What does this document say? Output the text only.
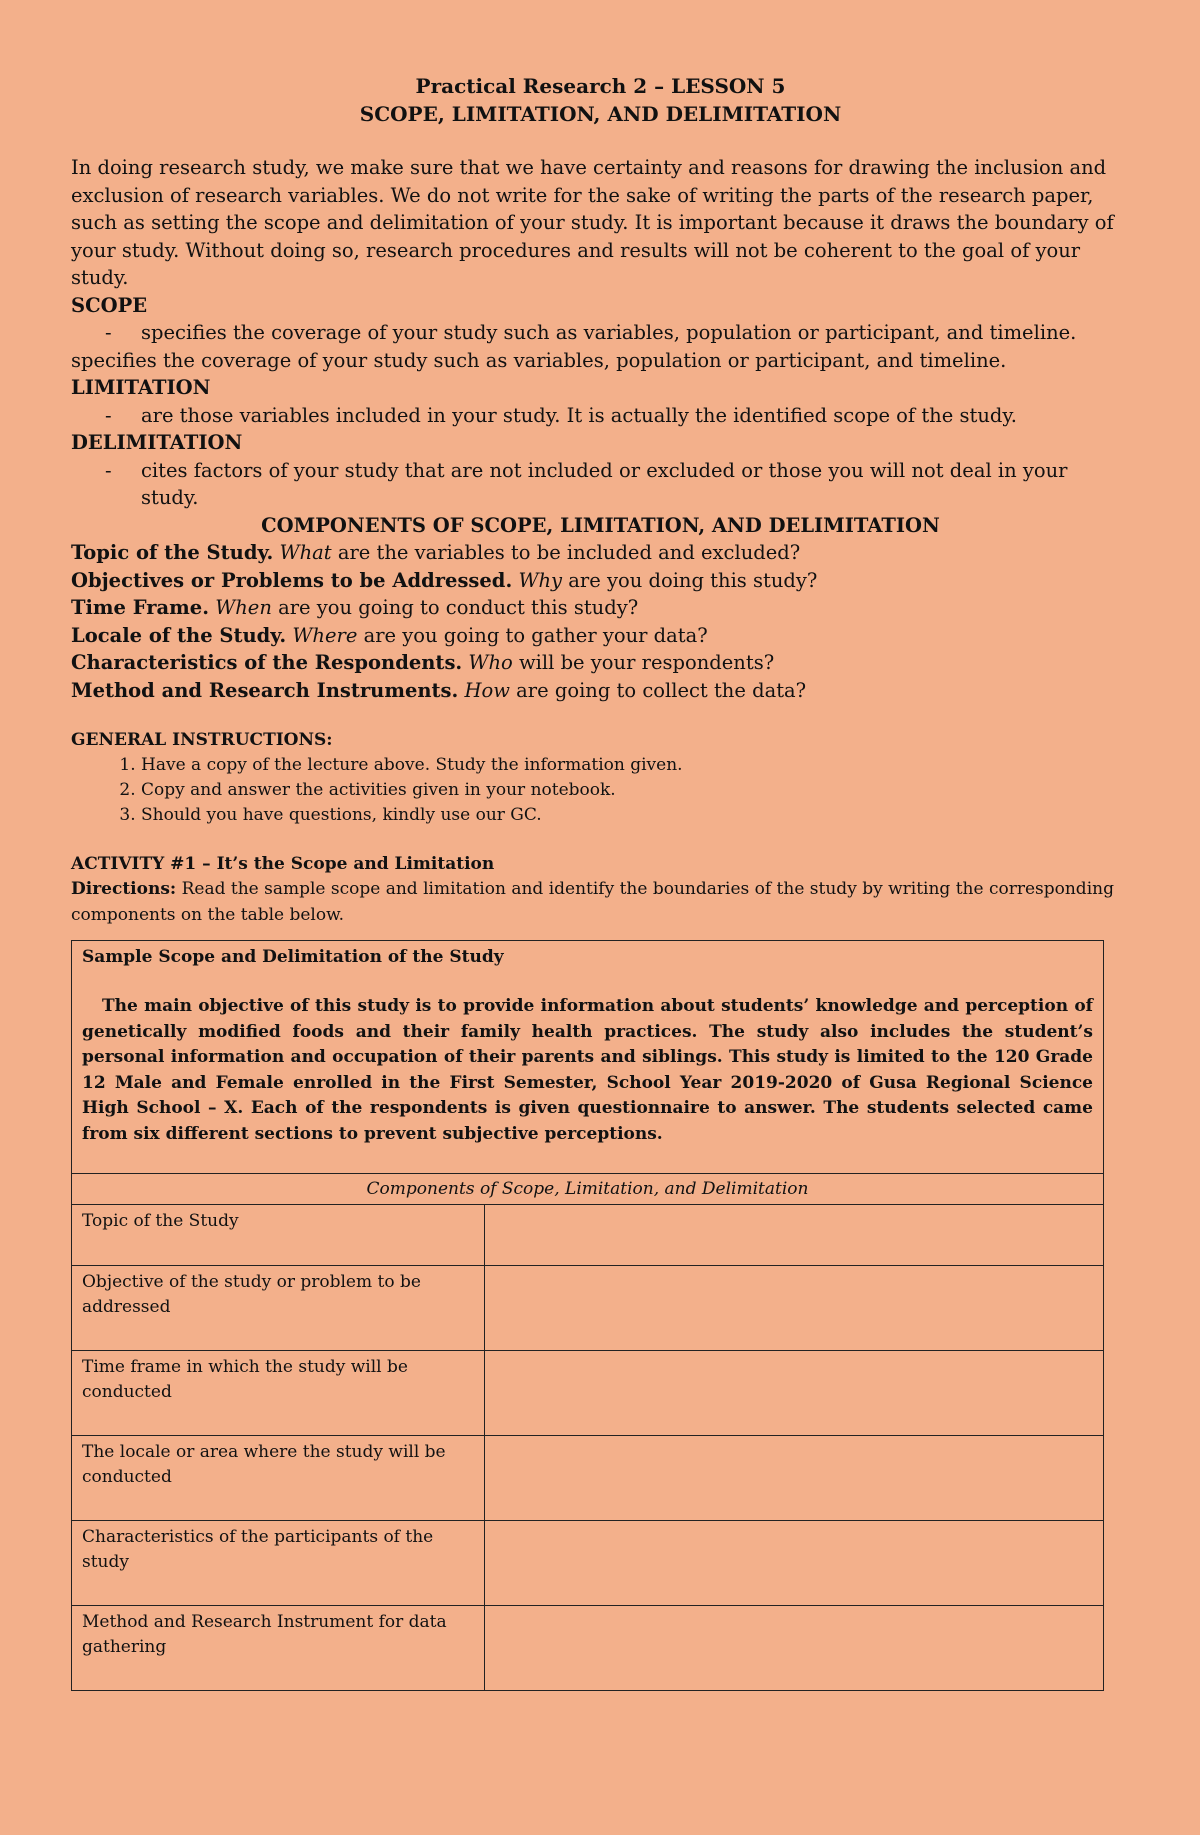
Practical Research 2 – LESSON 5
SCOPE, LIMITATION, AND DELIMITATION
In doing research study, we make sure that we have certainty and reasons for drawing the inclusion and exclusion of research variables. We do not write for the sake of writing the parts of the research paper, such as setting the scope and delimitation of your study. It is important because it draws the boundary of your study. Without doing so, research procedures and results will not be coherent to the goal of your study.
SCOPE
- specifies the coverage of your study such as variables, population or participant, and timeline.
specifies the coverage of your study such as variables, population or participant, and timeline.
LIMITATION
- are those variables included in your study. It is actually the identified scope of the study.
DELIMITATION
- cites factors of your study that are not included or excluded or those you will not deal in your study.
COMPONENTS OF SCOPE, LIMITATION, AND DELIMITATION
Topic of the Study. What are the variables to be included and excluded?
Objectives or Problems to be Addressed. Why are you doing this study?
Time Frame. When are you going to conduct this study?
Locale of the Study. Where are you going to gather your data?
Characteristics of the Respondents. Who will be your respondents?
Method and Research Instruments. How are going to collect the data?
GENERAL INSTRUCTIONS:
1. Have a copy of the lecture above. Study the information given.
2. Copy and answer the activities given in your notebook.
3. Should you have questions, kindly use our GC.
ACTIVITY #1 – It’s the Scope and Limitation
Directions: Read the sample scope and limitation and identify the boundaries of the study by writing the corresponding components on the table below.
Sample Scope and Delimitation of the Study
The main objective of this study is to provide information about students’ knowledge and perception of genetically modified foods and their family health practices. The study also includes the student’s personal information and occupation of their parents and siblings. This study is limited to the 120 Grade 12 Male and Female enrolled in the First Semester, School Year 2019-2020 of Gusa Regional Science High School – X. Each of the respondents is given questionnaire to answer. The students selected came from six different sections to prevent subjective perceptions.	

Components of Scope, Limitation, and Delimitation	
Topic of the Study	
Objective of the study or problem to be addressed	
Time frame in which the study will be conducted	
The locale or area where the study will be conducted	
Characteristics of the participants of the study	
Method and Research Instrument for data gathering	
